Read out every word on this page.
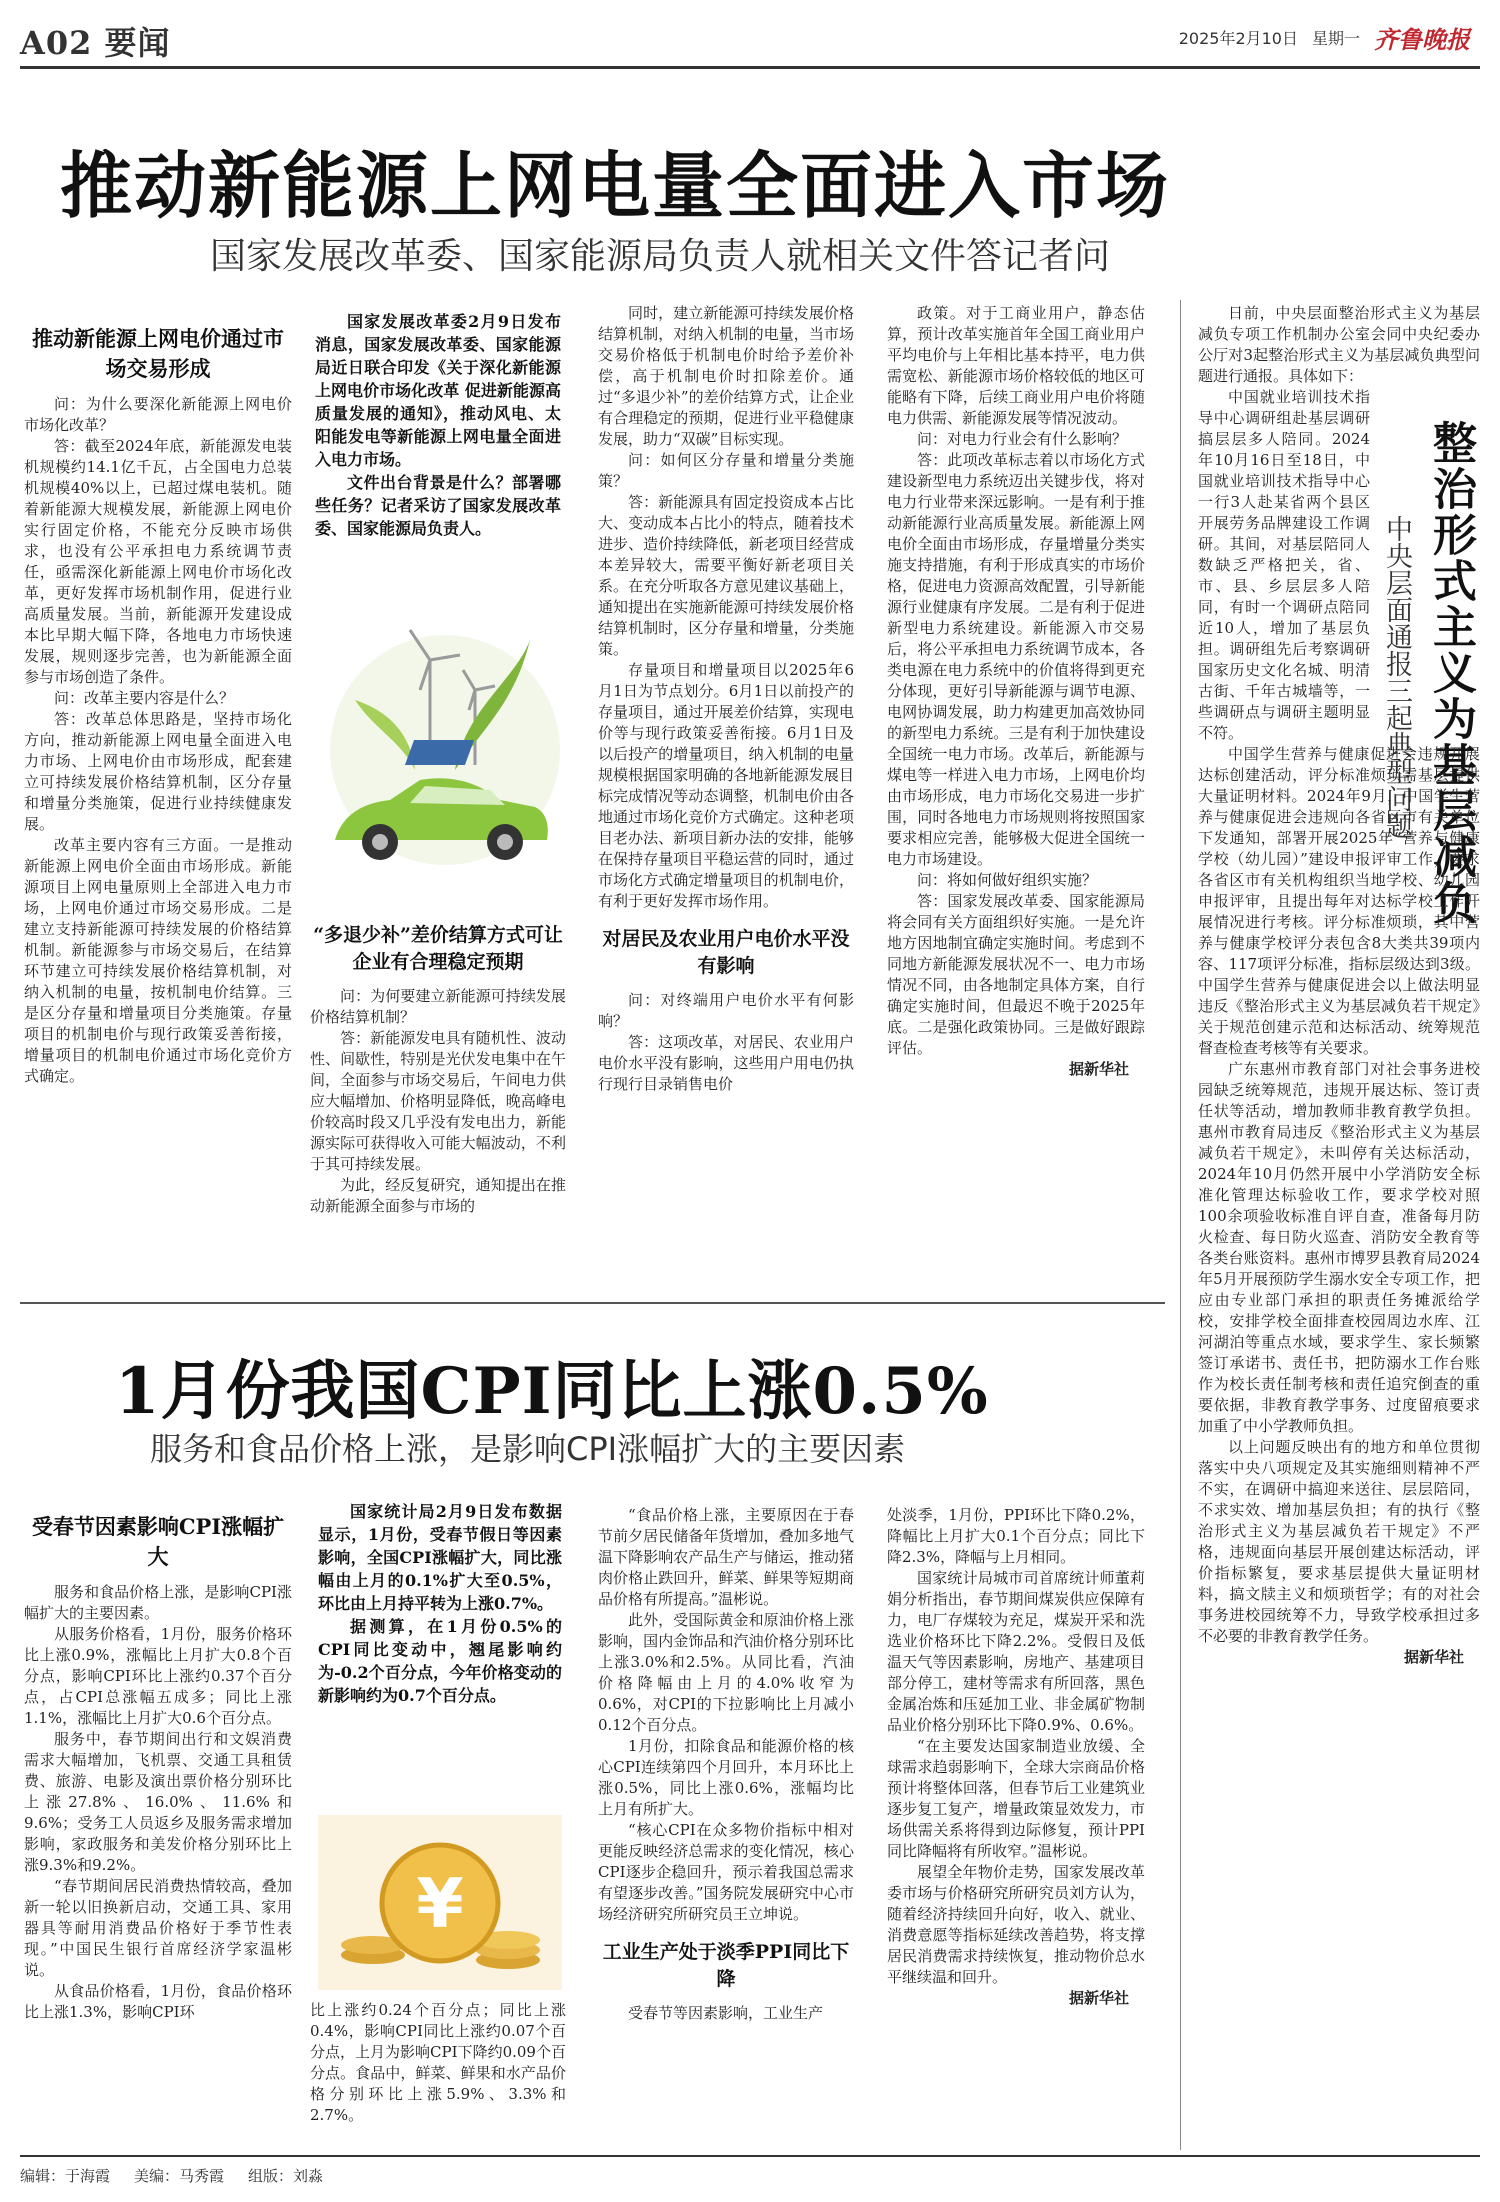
A02 要闻	2025年2月10日 星期一 齐鲁晚报
推动新能源上网电量全面进入市场
国家发展改革委、国家能源局负责人就相关文件答记者问
推动新能源上网电价通过市场交易形成

问：为什么要深化新能源上网电价市场化改革？

答：截至2024年底，新能源发电装机规模约14.1亿千瓦，占全国电力总装机规模40%以上，已超过煤电装机。随着新能源大规模发展，新能源上网电价实行固定价格，不能充分反映市场供求，也没有公平承担电力系统调节责任，亟需深化新能源上网电价市场化改革，更好发挥市场机制作用，促进行业高质量发展。当前，新能源开发建设成本比早期大幅下降，各地电力市场快速发展，规则逐步完善，也为新能源全面参与市场创造了条件。

问：改革主要内容是什么？

答：改革总体思路是，坚持市场化方向，推动新能源上网电量全面进入电力市场、上网电价由市场形成，配套建立可持续发展价格结算机制，区分存量和增量分类施策，促进行业持续健康发展。

改革主要内容有三方面。一是推动新能源上网电价全面由市场形成。新能源项目上网电量原则上全部进入电力市场，上网电价通过市场交易形成。二是建立支持新能源可持续发展的价格结算机制。新能源参与市场交易后，在结算环节建立可持续发展价格结算机制，对纳入机制的电量，按机制电价结算。三是区分存量和增量项目分类施策。存量项目的机制电价与现行政策妥善衔接，增量项目的机制电价通过市场化竞价方式确定。

国家发展改革委2月9日发布消息，国家发展改革委、国家能源局近日联合印发《关于深化新能源上网电价市场化改革 促进新能源高质量发展的通知》，推动风电、太阳能发电等新能源上网电量全面进入电力市场。

文件出台背景是什么？部署哪些任务？记者采访了国家发展改革委、国家能源局负责人。

“多退少补”差价结算方式可让企业有合理稳定预期

问：为何要建立新能源可持续发展价格结算机制？

答：新能源发电具有随机性、波动性、间歇性，特别是光伏发电集中在午间，全面参与市场交易后，午间电力供应大幅增加、价格明显降低，晚高峰电价较高时段又几乎没有发电出力，新能源实际可获得收入可能大幅波动，不利于其可持续发展。

为此，经反复研究，通知提出在推动新能源全面参与市场的

同时，建立新能源可持续发展价格结算机制，对纳入机制的电量，当市场交易价格低于机制电价时给予差价补偿，高于机制电价时扣除差价。通过“多退少补”的差价结算方式，让企业有合理稳定的预期，促进行业平稳健康发展，助力“双碳”目标实现。

问：如何区分存量和增量分类施策？

答：新能源具有固定投资成本占比大、变动成本占比小的特点，随着技术进步、造价持续降低，新老项目经营成本差异较大，需要平衡好新老项目关系。在充分听取各方意见建议基础上，通知提出在实施新能源可持续发展价格结算机制时，区分存量和增量，分类施策。

存量项目和增量项目以2025年6月1日为节点划分。6月1日以前投产的存量项目，通过开展差价结算，实现电价等与现行政策妥善衔接。6月1日及以后投产的增量项目，纳入机制的电量规模根据国家明确的各地新能源发展目标完成情况等动态调整，机制电价由各地通过市场化竞价方式确定。这种老项目老办法、新项目新办法的安排，能够在保持存量项目平稳运营的同时，通过市场化方式确定增量项目的机制电价，有利于更好发挥市场作用。

对居民及农业用户电价水平没有影响

问：对终端用户电价水平有何影响？

答：这项改革，对居民、农业用户电价水平没有影响，这些用户用电仍执行现行目录销售电价

政策。对于工商业用户，静态估算，预计改革实施首年全国工商业用户平均电价与上年相比基本持平，电力供需宽松、新能源市场价格较低的地区可能略有下降，后续工商业用户电价将随电力供需、新能源发展等情况波动。

问：对电力行业会有什么影响？

答：此项改革标志着以市场化方式建设新型电力系统迈出关键步伐，将对电力行业带来深远影响。一是有利于推动新能源行业高质量发展。新能源上网电价全面由市场形成，存量增量分类实施支持措施，有利于形成真实的市场价格，促进电力资源高效配置，引导新能源行业健康有序发展。二是有利于促进新型电力系统建设。新能源入市交易后，将公平承担电力系统调节成本，各类电源在电力系统中的价值将得到更充分体现，更好引导新能源与调节电源、电网协调发展，助力构建更加高效协同的新型电力系统。三是有利于加快建设全国统一电力市场。改革后，新能源与煤电等一样进入电力市场，上网电价均由市场形成，电力市场化交易进一步扩围，同时各地电力市场规则将按照国家要求相应完善，能够极大促进全国统一电力市场建设。

问：将如何做好组织实施？

答：国家发展改革委、国家能源局将会同有关方面组织好实施。一是允许地方因地制宜确定实施时间。考虑到不同地方新能源发展状况不一、电力市场情况不同，由各地制定具体方案，自行确定实施时间，但最迟不晚于2025年底。二是强化政策协同。三是做好跟踪评估。

据新华社
整治形式主义为基层减负
中央层面通报三起典型问题

日前，中央层面整治形式主义为基层减负专项工作机制办公室会同中央纪委办公厅对3起整治形式主义为基层减负典型问题进行通报。具体如下：

中国就业培训技术指导中心调研组赴基层调研搞层层多人陪同。2024年10月16日至18日，中国就业培训技术指导中心一行3人赴某省两个县区开展劳务品牌建设工作调研。其间，对基层陪同人数缺乏严格把关，省、市、县、乡层层多人陪同，有时一个调研点陪同近10人，增加了基层负担。调研组先后考察调研国家历史文化名城、明清古街、千年古城墙等，一些调研点与调研主题明显不符。

中国学生营养与健康促进会违规开展达标创建活动，评分标准烦琐需基层提供大量证明材料。2024年9月，中国学生营养与健康促进会违规向各省区市有关单位下发通知，部署开展2025年“营养与健康学校（幼儿园）”建设申报评审工作，要求各省区市有关机构组织当地学校、幼儿园申报评审，且提出每年对达标学校工作开展情况进行考核。评分标准烦琐，其中营养与健康学校评分表包含8大类共39项内容、117项评分标准，指标层级达到3级。中国学生营养与健康促进会以上做法明显违反《整治形式主义为基层减负若干规定》关于规范创建示范和达标活动、统筹规范督查检查考核等有关要求。

广东惠州市教育部门对社会事务进校园缺乏统筹规范，违规开展达标、签订责任状等活动，增加教师非教育教学负担。惠州市教育局违反《整治形式主义为基层减负若干规定》，未叫停有关达标活动，2024年10月仍然开展中小学消防安全标准化管理达标验收工作，要求学校对照100余项验收标准自评自查，准备每月防火检查、每日防火巡查、消防安全教育等各类台账资料。惠州市博罗县教育局2024年5月开展预防学生溺水安全专项工作，把应由专业部门承担的职责任务摊派给学校，安排学校全面排查校园周边水库、江河湖泊等重点水域，要求学生、家长频繁签订承诺书、责任书，把防溺水工作台账作为校长责任制考核和责任追究倒查的重要依据，非教育教学事务、过度留痕要求加重了中小学教师负担。

以上问题反映出有的地方和单位贯彻落实中央八项规定及其实施细则精神不严不实，在调研中搞迎来送往、层层陪同，不求实效、增加基层负担；有的执行《整治形式主义为基层减负若干规定》不严格，违规面向基层开展创建达标活动，评价指标繁复，要求基层提供大量证明材料，搞文牍主义和烦琐哲学；有的对社会事务进校园统筹不力，导致学校承担过多不必要的非教育教学任务。

据新华社
1月份我国CPI同比上涨0.5%
服务和食品价格上涨，是影响CPI涨幅扩大的主要因素
受春节因素影响CPI涨幅扩大

服务和食品价格上涨，是影响CPI涨幅扩大的主要因素。

从服务价格看，1月份，服务价格环比上涨0.9%，涨幅比上月扩大0.8个百分点，影响CPI环比上涨约0.37个百分点，占CPI总涨幅五成多；同比上涨1.1%，涨幅比上月扩大0.6个百分点。

服务中，春节期间出行和文娱消费需求大幅增加，飞机票、交通工具租赁费、旅游、电影及演出票价格分别环比上涨27.8%、16.0%、11.6%和9.6%；受务工人员返乡及服务需求增加影响，家政服务和美发价格分别环比上涨9.3%和9.2%。

“春节期间居民消费热情较高，叠加新一轮以旧换新启动，交通工具、家用器具等耐用消费品价格好于季节性表现。”中国民生银行首席经济学家温彬说。

从食品价格看，1月份，食品价格环比上涨1.3%，影响CPI环

国家统计局2月9日发布数据显示，1月份，受春节假日等因素影响，全国CPI涨幅扩大，同比涨幅由上月的0.1%扩大至0.5%，环比由上月持平转为上涨0.7%。

据测算，在1月份0.5%的CPI同比变动中，翘尾影响约为-0.2个百分点，今年价格变动的新影响约为0.7个百分点。

¥

比上涨约0.24个百分点；同比上涨0.4%，影响CPI同比上涨约0.07个百分点，上月为影响CPI下降约0.09个百分点。食品中，鲜菜、鲜果和水产品价格分别环比上涨5.9%、3.3%和2.7%。

“食品价格上涨，主要原因在于春节前夕居民储备年货增加，叠加多地气温下降影响农产品生产与储运，推动猪肉价格止跌回升，鲜菜、鲜果等短期商品价格有所提高。”温彬说。

此外，受国际黄金和原油价格上涨影响，国内金饰品和汽油价格分别环比上涨3.0%和2.5%。从同比看，汽油价格降幅由上月的4.0%收窄为0.6%，对CPI的下拉影响比上月减小0.12个百分点。

1月份，扣除食品和能源价格的核心CPI连续第四个月回升，本月环比上涨0.5%，同比上涨0.6%，涨幅均比上月有所扩大。

“核心CPI在众多物价指标中相对更能反映经济总需求的变化情况，核心CPI逐步企稳回升，预示着我国总需求有望逐步改善。”国务院发展研究中心市场经济研究所研究员王立坤说。

工业生产处于淡季PPI同比下降

受春节等因素影响，工业生产

处淡季，1月份，PPI环比下降0.2%，降幅比上月扩大0.1个百分点；同比下降2.3%，降幅与上月相同。

国家统计局城市司首席统计师董莉娟分析指出，春节期间煤炭供应保障有力，电厂存煤较为充足，煤炭开采和洗选业价格环比下降2.2%。受假日及低温天气等因素影响，房地产、基建项目部分停工，建材等需求有所回落，黑色金属冶炼和压延加工业、非金属矿物制品业价格分别环比下降0.9%、0.6%。

“在主要发达国家制造业放缓、全球需求趋弱影响下，全球大宗商品价格预计将整体回落，但春节后工业建筑业逐步复工复产，增量政策显效发力，市场供需关系将得到边际修复，预计PPI同比降幅将有所收窄。”温彬说。

展望全年物价走势，国家发展改革委市场与价格研究所研究员刘方认为，随着经济持续回升向好，收入、就业、消费意愿等指标延续改善趋势，将支撑居民消费需求持续恢复，推动物价总水平继续温和回升。

据新华社
编辑：于海霞 美编：马秀霞 组版：刘淼
